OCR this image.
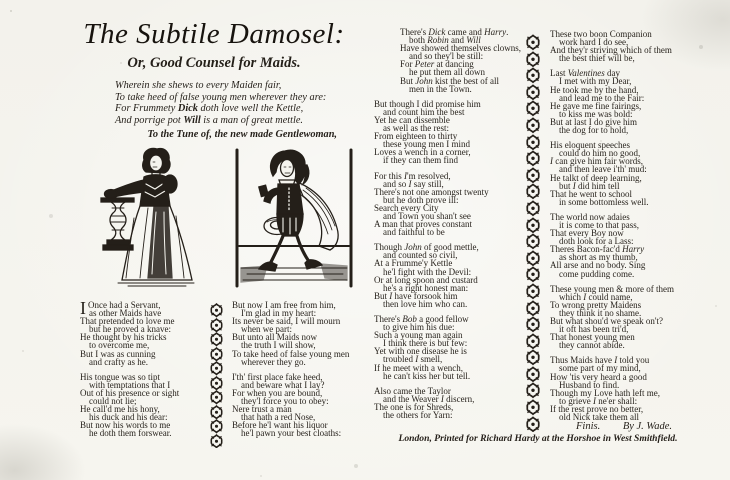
The Subtile Damosel:
Or, Good Counsel for Maids.
Wherein she shews to every Maiden fair,
To take heed of false young men wherever they are:
For Frummety Dick doth love well the Kettle,
And porrige pot Will is a man of great mettle.
To the Tune of, the new made Gentlewoman,
I Once had a Servant,
as other Maids have
That pretended to love me
but he proved a knave:
He thought by his tricks
to overcome me,
But I was as cunning
and crafty as he.
His tongue was so tipt
with temptations that I
Out of his presence or sight
could not lie;
He call'd me his hony,
his duck and his dear:
But now his words to me
he doth them forswear.
But now I am free from him,
I'm glad in my heart:
Its never be said, I will mourn
when we part:
But unto all Maids now
the truth I will show,
To take heed of false young men
wherever they go.
I'th' first place fake heed,
and beware what I lay?
For when you are bound,
they'l force you to obey:
Nere trust a man
that hath a red Nose,
Before he'l want his liquor
he'l pawn your best cloaths:
There's Dick came and Harry.
both Robin and Will
Have showed themselves clowns,
and so they'l be still:
For Peter at dancing
he put them all down
But John kist the best of all
men in the Town.
But though I did promise him
and count him the best
Yet he can dissemble
as well as the rest:
From eighteen to thirty
these young men I mind
Loves a wench in a corner,
if they can them find
For this I'm resolved,
and so I say still,
There's not one amongst twenty
but he doth prove ill:
Search every City
and Town you shan't see
A man that proves constant
and faithful to be
Though John of good mettle,
and counted so civil,
At a Frumme'y Kettle
he'l fight with the Devil:
Or at long spoon and custard
he's a right honest man:
But I have forsook him
then love him who can.
There's Bob a good fellow
to give him his due:
Such a young man again
I think there is but few:
Yet with one disease he is
troubled I smell,
If he meet with a wench,
he can't kiss her but tell.
Also came the Taylor
and the Weaver I discern,
The one is for Shreds,
the others for Yarn:
These two boon Companion
work hard I do see,
And they'r striving which of them
the best thief will be,
Last Valentines day
I met with my Dear,
He took me by the hand,
and lead me to the Fair:
He gave me fine fairings,
to kiss me was bold:
But at last I do give him
the dog for to hold,
His eloquent speeches
could do him no good,
I can give him fair words,
and then leave i'th' mud:
He talkt of deep learning,
but I did him tell
That he went to school
in some bottomless well.
The world now adaies
it is come to that pass,
That every Boy now
doth look for a Lass:
Theres Bacon-fac'd Harry
as short as my thumb,
All arse and no body. Sing
come pudding come.
These young men & more of them
which I could name,
To wrong pretty Maidens
they think it no shame.
But what shou'd we speak on't?
it oft has been tri'd,
That honest young men
they cannot abide.
Thus Maids have I told you
some part of my mind,
How 'tis very heard a good
Husband to find.
Though my Love hath left me,
to grieve I ne'er shall:
If the rest prove no better,
old Nick take them all
Finis. By J. Wade.
London, Printed for Richard Hardy at the Horshoe in West Smithfield.
